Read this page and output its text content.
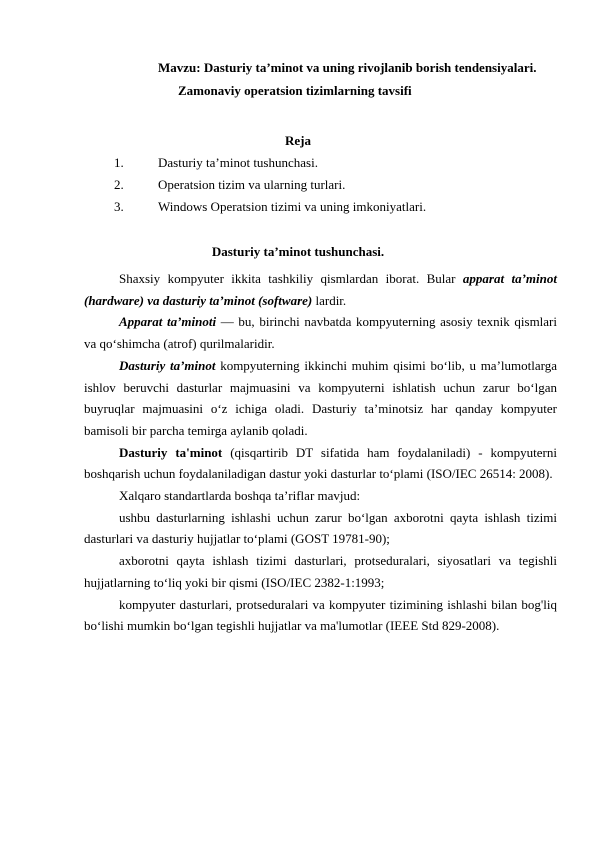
Mavzu: Dasturiy ta’minot va uning rivojlanib borish tendensiyalari.
Zamonaviy operatsion tizimlarning tavsifi
Reja
1.	Dasturiy ta’minot tushunchasi.
2.	Operatsion tizim va ularning turlari.
3.	Windows Operatsion tizimi va uning imkoniyatlari.
Dasturiy ta’minot tushunchasi.

Shaxsiy kompyuter ikkita tashkiliy qismlardan iborat. Bular apparat ta’minot (hardware) va dasturiy ta’minot (software) lardir.

Apparat ta’minoti — bu, birinchi navbatda kompyuterning asosiy texnik qismlari va qo‘shimcha (atrof) qurilmalaridir.

Dasturiy ta’minot kompyuterning ikkinchi muhim qisimi bo‘lib, u ma’lumotlarga ishlov beruvchi dasturlar majmuasini va kompyuterni ishlatish uchun zarur bo‘lgan buyruqlar majmuasini o‘z ichiga oladi. Dasturiy ta’minotsiz har qanday kompyuter bamisoli bir parcha temirga aylanib qoladi.

Dasturiy ta'minot (qisqartirib DT sifatida ham foydalaniladi) - kompyuterni boshqarish uchun foydalaniladigan dastur yoki dasturlar to‘plami (ISO/IEC 26514: 2008).

Xalqaro standartlarda boshqa ta’riflar mavjud:

ushbu dasturlarning ishlashi uchun zarur bo‘lgan axborotni qayta ishlash tizimi dasturlari va dasturiy hujjatlar to‘plami (GOST 19781-90);

axborotni qayta ishlash tizimi dasturlari, protseduralari, siyosatlari va tegishli hujjatlarning to‘liq yoki bir qismi (ISO/IEC 2382-1:1993;

kompyuter dasturlari, protseduralari va kompyuter tizimining ishlashi bilan bog'liq bo‘lishi mumkin bo‘lgan tegishli hujjatlar va ma'lumotlar (IEEE Std 829-2008).
